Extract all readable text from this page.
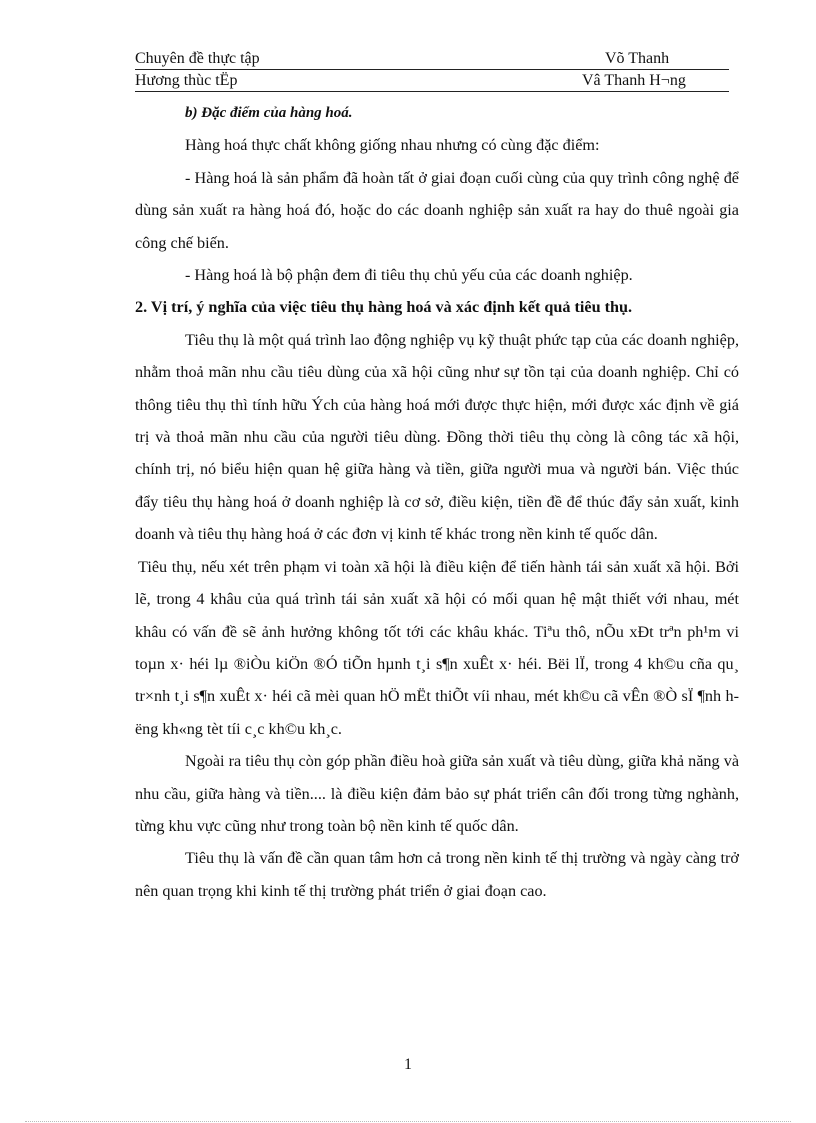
Chuyên đề thực tập	Võ Thanh
Hương thùc tËp	Vâ Thanh H¬ng

b) Đặc điểm của hàng hoá.

Hàng hoá thực chất không giống nhau nhưng có cùng đặc điểm:

- Hàng hoá là sản phẩm đã hoàn tất ở giai đoạn cuối cùng của quy trình công nghệ để dùng sản xuất ra hàng hoá đó, hoặc do các doanh nghiệp sản xuất ra hay do thuê ngoài gia công chế biến.

- Hàng hoá là bộ phận đem đi tiêu thụ chủ yếu của các doanh nghiệp.

2. Vị trí, ý nghĩa của việc tiêu thụ hàng hoá và xác định kết quả tiêu thụ.

Tiêu thụ là một quá trình lao động nghiệp vụ kỹ thuật phức tạp của các doanh nghiệp, nhằm thoả mãn nhu cầu tiêu dùng của xã hội cũng như sự tồn tại của doanh nghiệp. Chỉ có thông tiêu thụ thì tính hữu Ých của hàng hoá mới được thực hiện, mới được xác định về giá trị và thoả mãn nhu cầu của người tiêu dùng. Đồng thời tiêu thụ còng là công tác xã hội, chính trị, nó biểu hiện quan hệ giữa hàng và tiền, giữa người mua và người bán. Việc thúc đẩy tiêu thụ hàng hoá ở doanh nghiệp là cơ sở, điều kiện, tiền đề để thúc đẩy sản xuất, kinh doanh và tiêu thụ hàng hoá ở các đơn vị kinh tế khác trong nền kinh tế quốc dân.

Tiêu thụ, nếu xét trên phạm vi toàn xã hội là điều kiện để tiến hành tái sản xuất xã hội. Bởi lẽ, trong 4 khâu của quá trình tái sản xuất xã hội có mối quan hệ mật thiết với nhau, mét khâu có vấn đề sẽ ảnh hưởng không tốt tới các khâu khác. Tiªu thô, nÕu xÐt trªn ph¹m vi toµn x· héi lµ ®iÒu kiÖn ®Ó tiÕn hµnh t¸i s¶n xuÊt x· héi. Bëi lÏ, trong 4 kh©u cña qu¸ tr×nh t¸i s¶n xuÊt x· héi cã mèi quan hÖ mËt thiÕt víi nhau, mét kh©u cã vÊn ®Ò sÏ ¶nh hëng kh«ng tèt tíi c¸c kh©u kh¸c.

Ngoài ra tiêu thụ còn góp phần điều hoà giữa sản xuất và tiêu dùng, giữa khả năng và nhu cầu, giữa hàng và tiền.... là điều kiện đảm bảo sự phát triển cân đối trong từng nghành, từng khu vực cũng như trong toàn bộ nền kinh tế quốc dân.

Tiêu thụ là vấn đề cần quan tâm hơn cả trong nền kinh tế thị trường và ngày càng trở nên quan trọng khi kinh tế thị trường phát triển ở giai đoạn cao.

1
